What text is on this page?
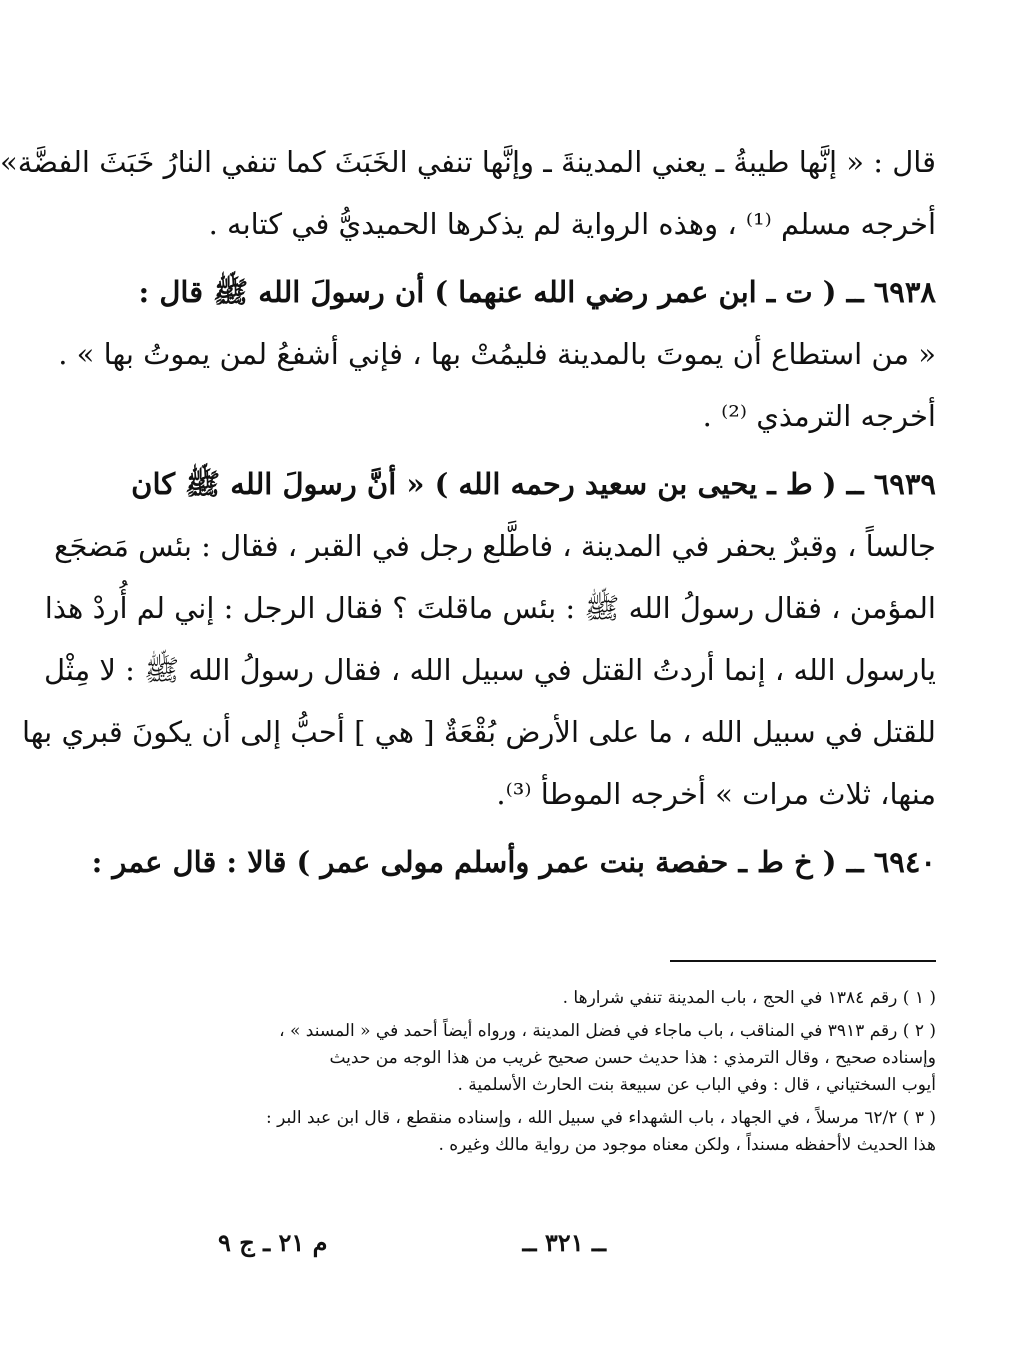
قال : « إنَّها طيبةُ ـ يعني المدينةَ ـ وإنَّها تنفي الخَبَثَ كما تنفي النارُ خَبَثَ الفضَّة»
أخرجه مسلم ⁽¹⁾ ، وهذه الرواية لم يذكرها الحميديُّ في كتابه .
٦٩٣٨ ــ ( ت ـ ابن عمر رضي الله عنهما ) أن رسولَ الله ﷺ قال :
« من استطاع أن يموتَ بالمدينة فليمُتْ بها ، فإني أشفعُ لمن يموتُ بها » .
أخرجه الترمذي ⁽²⁾ .
٦٩٣٩ ــ ( ط ـ يحيى بن سعيد رحمه الله ) « أنَّ رسولَ الله ﷺ كان
جالساً ، وقبرٌ يحفر في المدينة ، فاطَّلع رجل في القبر ، فقال : بئس مَضجَع
المؤمن ، فقال رسولُ الله ﷺ : بئس ماقلتَ ؟ فقال الرجل : إني لم أُردْ هذا
يارسول الله ، إنما أردتُ القتل في سبيل الله ، فقال رسولُ الله ﷺ : لا مِثْل
للقتل في سبيل الله ، ما على الأرض بُقْعَةٌ [ هي ] أحبُّ إلى أن يكونَ قبري بها
منها، ثلاث مرات » أخرجه الموطأ ⁽³⁾.
٦٩٤٠ ــ ( خ ط ـ حفصة بنت عمر وأسلم مولى عمر ) قالا : قال عمر :
( ١ ) رقم ١٣٨٤ في الحج ، باب المدينة تنفي شرارها .
( ٢ ) رقم ٣٩١٣ في المناقب ، باب ماجاء في فضل المدينة ، ورواه أيضاً أحمد في « المسند » ،
وإسناده صحيح ، وقال الترمذي : هذا حديث حسن صحيح غريب من هذا الوجه من حديث
أيوب السختياني ، قال : وفي الباب عن سبيعة بنت الحارث الأسلمية .
( ٣ ) ٦٢/٢ مرسلاً ، في الجهاد ، باب الشهداء في سبيل الله ، وإسناده منقطع ، قال ابن عبد البر :
هذا الحديث لاأحفظه مسنداً ، ولكن معناه موجود من رواية مالك وغيره .
ــ ٣٢١ ــ
م ٢١ ـ ج ٩
